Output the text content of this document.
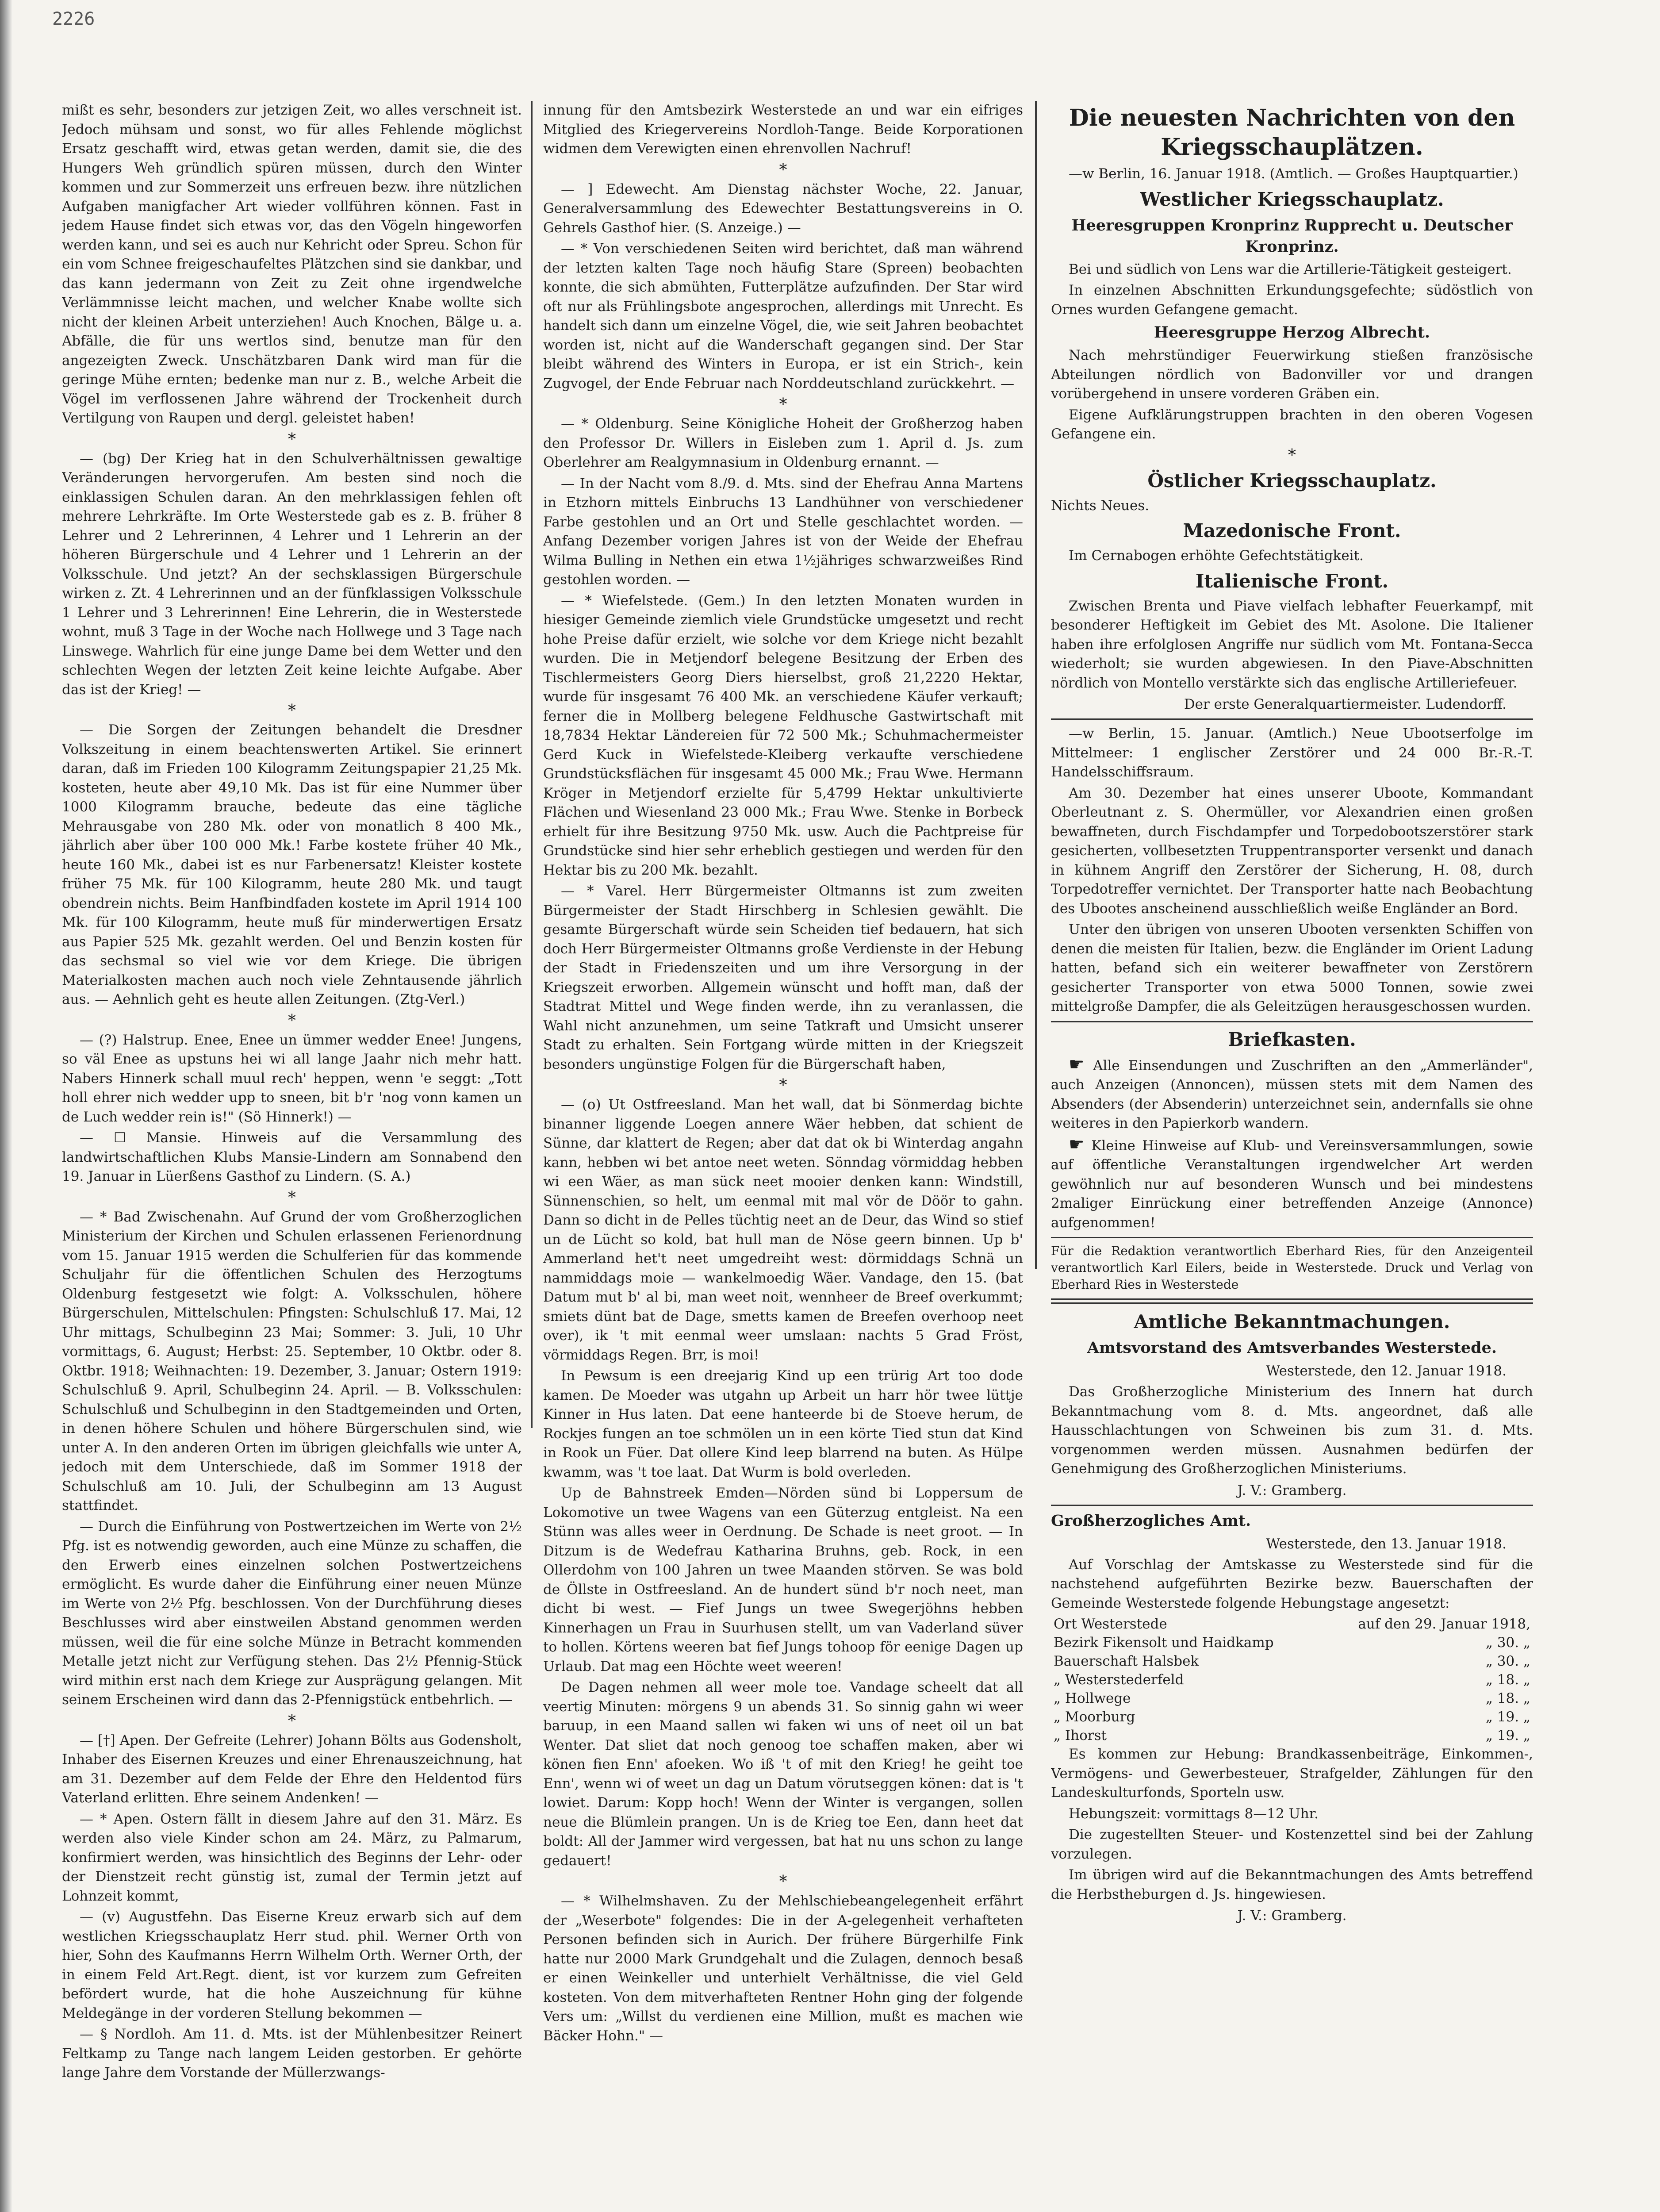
2226

mißt es sehr, besonders zur jetzigen Zeit, wo alles verschneit ist. Jedoch mühsam und sonst, wo für alles Fehlende möglichst Ersatz geschafft wird, etwas getan werden, damit sie, die des Hungers Weh gründlich spüren müssen, durch den Winter kommen und zur Sommerzeit uns erfreuen bezw. ihre nützlichen Aufgaben manigfacher Art wieder vollführen können. Fast in jedem Hause findet sich etwas vor, das den Vögeln hingeworfen werden kann, und sei es auch nur Kehricht oder Spreu. Schon für ein vom Schnee freigeschaufeltes Plätzchen sind sie dankbar, und das kann jedermann von Zeit zu Zeit ohne irgendwelche Verlämmnisse leicht machen, und welcher Knabe wollte sich nicht der kleinen Arbeit unterziehen! Auch Knochen, Bälge u. a. Abfälle, die für uns wertlos sind, benutze man für den angezeigten Zweck. Unschätzbaren Dank wird man für die geringe Mühe ernten; bedenke man nur z. B., welche Arbeit die Vögel im verflossenen Jahre während der Trockenheit durch Vertilgung von Raupen und dergl. geleistet haben!

*

— (bg) Der Krieg hat in den Schulverhältnissen gewaltige Veränderungen hervorgerufen. Am besten sind noch die einklassigen Schulen daran. An den mehrklassigen fehlen oft mehrere Lehrkräfte. Im Orte Westerstede gab es z. B. früher 8 Lehrer und 2 Lehrerinnen, 4 Lehrer und 1 Lehrerin an der höheren Bürgerschule und 4 Lehrer und 1 Lehrerin an der Volksschule. Und jetzt? An der sechsklassigen Bürgerschule wirken z. Zt. 4 Lehrerinnen und an der fünfklassigen Volksschule 1 Lehrer und 3 Lehrerinnen! Eine Lehrerin, die in Westerstede wohnt, muß 3 Tage in der Woche nach Hollwege und 3 Tage nach Linswege. Wahrlich für eine junge Dame bei dem Wetter und den schlechten Wegen der letzten Zeit keine leichte Aufgabe. Aber das ist der Krieg! —

*

— Die Sorgen der Zeitungen behandelt die Dresdner Volkszeitung in einem beachtenswerten Artikel. Sie erinnert daran, daß im Frieden 100 Kilogramm Zeitungspapier 21,25 Mk. kosteten, heute aber 49,10 Mk. Das ist für eine Nummer über 1000 Kilogramm brauche, bedeute das eine tägliche Mehrausgabe von 280 Mk. oder von monatlich 8 400 Mk., jährlich aber über 100 000 Mk.! Farbe kostete früher 40 Mk., heute 160 Mk., dabei ist es nur Farbenersatz! Kleister kostete früher 75 Mk. für 100 Kilogramm, heute 280 Mk. und taugt obendrein nichts. Beim Hanfbindfaden kostete im April 1914 100 Mk. für 100 Kilogramm, heute muß für minderwertigen Ersatz aus Papier 525 Mk. gezahlt werden. Oel und Benzin kosten für das sechsmal so viel wie vor dem Kriege. Die übrigen Materialkosten machen auch noch viele Zehntausende jährlich aus. — Aehnlich geht es heute allen Zeitungen. (Ztg-Verl.)

*

— (?) Halstrup. Enee, Enee un ümmer wedder Enee! Jungens, so väl Enee as upstuns hei wi all lange Jaahr nich mehr hatt. Nabers Hinnerk schall muul rech' heppen, wenn 'e seggt: „Tott holl ehrer nich wedder upp to sneen, bit b'r 'nog vonn kamen un de Luch wedder rein is!" (Sö Hinnerk!) —

— ☐ Mansie. Hinweis auf die Versammlung des landwirtschaftlichen Klubs Mansie-Lindern am Sonnabend den 19. Januar in Lüerßens Gasthof zu Lindern. (S. A.)

*

— * Bad Zwischenahn. Auf Grund der vom Großherzoglichen Ministerium der Kirchen und Schulen erlassenen Ferienordnung vom 15. Januar 1915 werden die Schulferien für das kommende Schuljahr für die öffentlichen Schulen des Herzogtums Oldenburg festgesetzt wie folgt: A. Volksschulen, höhere Bürgerschulen, Mittelschulen: Pfingsten: Schulschluß 17. Mai, 12 Uhr mittags, Schulbeginn 23 Mai; Sommer: 3. Juli, 10 Uhr vormittags, 6. August; Herbst: 25. September, 10 Oktbr. oder 8. Oktbr. 1918; Weihnachten: 19. Dezember, 3. Januar; Ostern 1919: Schulschluß 9. April, Schulbeginn 24. April. — B. Volksschulen: Schulschluß und Schulbeginn in den Stadtgemeinden und Orten, in denen höhere Schulen und höhere Bürgerschulen sind, wie unter A. In den anderen Orten im übrigen gleichfalls wie unter A, jedoch mit dem Unterschiede, daß im Sommer 1918 der Schulschluß am 10. Juli, der Schulbeginn am 13 August stattfindet.

— Durch die Einführung von Postwertzeichen im Werte von 2½ Pfg. ist es notwendig geworden, auch eine Münze zu schaffen, die den Erwerb eines einzelnen solchen Postwertzeichens ermöglicht. Es wurde daher die Einführung einer neuen Münze im Werte von 2½ Pfg. beschlossen. Von der Durchführung dieses Beschlusses wird aber einstweilen Abstand genommen werden müssen, weil die für eine solche Münze in Betracht kommenden Metalle jetzt nicht zur Verfügung stehen. Das 2½ Pfennig-Stück wird mithin erst nach dem Kriege zur Ausprägung gelangen. Mit seinem Erscheinen wird dann das 2-Pfennigstück entbehrlich. —

*

— [†] Apen. Der Gefreite (Lehrer) Johann Bölts aus Godensholt, Inhaber des Eisernen Kreuzes und einer Ehrenauszeichnung, hat am 31. Dezember auf dem Felde der Ehre den Heldentod fürs Vaterland erlitten. Ehre seinem Andenken! —

— * Apen. Ostern fällt in diesem Jahre auf den 31. März. Es werden also viele Kinder schon am 24. März, zu Palmarum, konfirmiert werden, was hinsichtlich des Beginns der Lehr- oder der Dienstzeit recht günstig ist, zumal der Termin jetzt auf Lohnzeit kommt,

— (v) Augustfehn. Das Eiserne Kreuz erwarb sich auf dem westlichen Kriegsschauplatz Herr stud. phil. Werner Orth von hier, Sohn des Kaufmanns Herrn Wilhelm Orth. Werner Orth, der in einem Feld Art.Regt. dient, ist vor kurzem zum Gefreiten befördert wurde, hat die hohe Auszeichnung für kühne Meldegänge in der vorderen Stellung bekommen —

— § Nordloh. Am 11. d. Mts. ist der Mühlenbesitzer Reinert Feltkamp zu Tange nach langem Leiden gestorben. Er gehörte lange Jahre dem Vorstande der Müllerzwangs-

innung für den Amtsbezirk Westerstede an und war ein eifriges Mitglied des Kriegervereins Nordloh-Tange. Beide Korporationen widmen dem Verewigten einen ehrenvollen Nachruf!

*

— ] Edewecht. Am Dienstag nächster Woche, 22. Januar, Generalversammlung des Edewechter Bestattungsvereins in O. Gehrels Gasthof hier. (S. Anzeige.) —

— * Von verschiedenen Seiten wird berichtet, daß man während der letzten kalten Tage noch häufig Stare (Spreen) beobachten konnte, die sich abmühten, Futterplätze aufzufinden. Der Star wird oft nur als Frühlingsbote angesprochen, allerdings mit Unrecht. Es handelt sich dann um einzelne Vögel, die, wie seit Jahren beobachtet worden ist, nicht auf die Wanderschaft gegangen sind. Der Star bleibt während des Winters in Europa, er ist ein Strich-, kein Zugvogel, der Ende Februar nach Norddeutschland zurückkehrt. —

*

— * Oldenburg. Seine Königliche Hoheit der Großherzog haben den Professor Dr. Willers in Eisleben zum 1. April d. Js. zum Oberlehrer am Realgymnasium in Oldenburg ernannt. —

— In der Nacht vom 8./9. d. Mts. sind der Ehefrau Anna Martens in Etzhorn mittels Einbruchs 13 Landhühner von verschiedener Farbe gestohlen und an Ort und Stelle geschlachtet worden. — Anfang Dezember vorigen Jahres ist von der Weide der Ehefrau Wilma Bulling in Nethen ein etwa 1½jähriges schwarzweißes Rind gestohlen worden. —

— * Wiefelstede. (Gem.) In den letzten Monaten wurden in hiesiger Gemeinde ziemlich viele Grundstücke umgesetzt und recht hohe Preise dafür erzielt, wie solche vor dem Kriege nicht bezahlt wurden. Die in Metjendorf belegene Besitzung der Erben des Tischlermeisters Georg Diers hierselbst, groß 21,2220 Hektar, wurde für insgesamt 76 400 Mk. an verschiedene Käufer verkauft; ferner die in Mollberg belegene Feldhusche Gastwirtschaft mit 18,7834 Hektar Ländereien für 72 500 Mk.; Schuhmachermeister Gerd Kuck in Wiefelstede-Kleiberg verkaufte verschiedene Grundstücksflächen für insgesamt 45 000 Mk.; Frau Wwe. Hermann Kröger in Metjendorf erzielte für 5,4799 Hektar unkultivierte Flächen und Wiesenland 23 000 Mk.; Frau Wwe. Stenke in Borbeck erhielt für ihre Besitzung 9750 Mk. usw. Auch die Pachtpreise für Grundstücke sind hier sehr erheblich gestiegen und werden für den Hektar bis zu 200 Mk. bezahlt.

— * Varel. Herr Bürgermeister Oltmanns ist zum zweiten Bürgermeister der Stadt Hirschberg in Schlesien gewählt. Die gesamte Bürgerschaft würde sein Scheiden tief bedauern, hat sich doch Herr Bürgermeister Oltmanns große Verdienste in der Hebung der Stadt in Friedenszeiten und um ihre Versorgung in der Kriegszeit erworben. Allgemein wünscht und hofft man, daß der Stadtrat Mittel und Wege finden werde, ihn zu veranlassen, die Wahl nicht anzunehmen, um seine Tatkraft und Umsicht unserer Stadt zu erhalten. Sein Fortgang würde mitten in der Kriegszeit besonders ungünstige Folgen für die Bürgerschaft haben,

*

— (o) Ut Ostfreesland. Man het wall, dat bi Sönmerdag bichte binanner liggende Loegen annere Wäer hebben, dat schient de Sünne, dar klattert de Regen; aber dat dat ok bi Winterdag angahn kann, hebben wi bet antoe neet weten. Sönndag vörmiddag hebben wi een Wäer, as man sück neet mooier denken kann: Windstill, Sünnenschien, so helt, um eenmal mit mal vör de Döör to gahn. Dann so dicht in de Pelles tüchtig neet an de Deur, das Wind so stief un de Lücht so kold, bat hull man de Nöse geern binnen. Up b' Ammerland het't neet umgedreiht west: dörmiddags Schnä un nammiddags moie — wankelmoedig Wäer. Vandage, den 15. (bat Datum mut b' al bi, man weet noit, wennheer de Breef overkummt; smiets dünt bat de Dage, smetts kamen de Breefen overhoop neet over), ik 't mit eenmal weer umslaan: nachts 5 Grad Fröst, vörmiddags Regen. Brr, is moi!

In Pewsum is een dreejarig Kind up een trürig Art too dode kamen. De Moeder was utgahn up Arbeit un harr hör twee lüttje Kinner in Hus laten. Dat eene hanteerde bi de Stoeve herum, de Rockjes fungen an toe schmölen un in een körte Tied stun dat Kind in Rook un Füer. Dat ollere Kind leep blarrend na buten. As Hülpe kwamm, was 't toe laat. Dat Wurm is bold overleden.

Up de Bahnstreek Emden—Nörden sünd bi Loppersum de Lokomotive un twee Wagens van een Güterzug entgleist. Na een Stünn was alles weer in Oerdnung. De Schade is neet groot. — In Ditzum is de Wedefrau Katharina Bruhns, geb. Rock, in een Ollerdohm von 100 Jahren un twee Maanden störven. Se was bold de Öllste in Ostfreesland. An de hundert sünd b'r noch neet, man dicht bi west. — Fief Jungs un twee Swegerjöhns hebben Kinnerhagen un Frau in Suurhusen stellt, um van Vaderland süver to hollen. Körtens weeren bat fief Jungs tohoop för eenige Dagen up Urlaub. Dat mag een Höchte weet weeren!

De Dagen nehmen all weer mole toe. Vandage scheelt dat all veertig Minuten: mörgens 9 un abends 31. So sinnig gahn wi weer baruup, in een Maand sallen wi faken wi uns of neet oil un bat Wenter. Dat sliet dat noch genoog toe schaffen maken, aber wi könen fien Enn' afoeken. Wo iß 't of mit den Krieg! he geiht toe Enn', wenn wi of weet un dag un Datum vörutseggen könen: dat is 't lowiet. Darum: Kopp hoch! Wenn der Winter is vergangen, sollen neue die Blümlein prangen. Un is de Krieg toe Een, dann heet dat boldt: All der Jammer wird vergessen, bat hat nu uns schon zu lange gedauert!

*

— * Wilhelmshaven. Zu der Mehlschiebeangelegenheit erfährt der „Weserbote" folgendes: Die in der A-gelegenheit verhafteten Personen befinden sich in Aurich. Der frühere Bürgerhilfe Fink hatte nur 2000 Mark Grundgehalt und die Zulagen, dennoch besaß er einen Weinkeller und unterhielt Verhältnisse, die viel Geld kosteten. Von dem mitverhafteten Rentner Hohn ging der folgende Vers um: „Willst du verdienen eine Million, mußt es machen wie Bäcker Hohn." —

Die neuesten Nachrichten von den Kriegsschauplätzen.

—w Berlin, 16. Januar 1918. (Amtlich. — Großes Hauptquartier.)

Westlicher Kriegsschauplatz.
Heeresgruppen Kronprinz Rupprecht u. Deutscher Kronprinz.

Bei und südlich von Lens war die Artillerie-Tätigkeit gesteigert.

In einzelnen Abschnitten Erkundungsgefechte; südöstlich von Ornes wurden Gefangene gemacht.

Heeresgruppe Herzog Albrecht.

Nach mehrstündiger Feuerwirkung stießen französische Abteilungen nördlich von Badonviller vor und drangen vorübergehend in unsere vorderen Gräben ein.

Eigene Aufklärungstruppen brachten in den oberen Vogesen Gefangene ein.

*

Östlicher Kriegsschauplatz.

Nichts Neues.

Mazedonische Front.

Im Cernabogen erhöhte Gefechtstätigkeit.

Italienische Front.

Zwischen Brenta und Piave vielfach lebhafter Feuerkampf, mit besonderer Heftigkeit im Gebiet des Mt. Asolone. Die Italiener haben ihre erfolglosen Angriffe nur südlich vom Mt. Fontana-Secca wiederholt; sie wurden abgewiesen. In den Piave-Abschnitten nördlich von Montello verstärkte sich das englische Artilleriefeuer.

Der erste Generalquartiermeister. Ludendorff.

—w Berlin, 15. Januar. (Amtlich.) Neue Ubootserfolge im Mittelmeer: 1 englischer Zerstörer und 24 000 Br.-R.-T. Handelsschiffsraum.

Am 30. Dezember hat eines unserer Uboote, Kommandant Oberleutnant z. S. Ohermüller, vor Alexandrien einen großen bewaffneten, durch Fischdampfer und Torpedobootszerstörer stark gesicherten, vollbesetzten Truppentransporter versenkt und danach in kühnem Angriff den Zerstörer der Sicherung, H. 08, durch Torpedotreffer vernichtet. Der Transporter hatte nach Beobachtung des Ubootes anscheinend ausschließlich weiße Engländer an Bord.

Unter den übrigen von unseren Ubooten versenkten Schiffen von denen die meisten für Italien, bezw. die Engländer im Orient Ladung hatten, befand sich ein weiterer bewaffneter von Zerstörern gesicherter Transporter von etwa 5000 Tonnen, sowie zwei mittelgroße Dampfer, die als Geleitzügen herausgeschossen wurden.

Briefkasten.

☛ Alle Einsendungen und Zuschriften an den „Ammerländer", auch Anzeigen (Annoncen), müssen stets mit dem Namen des Absenders (der Absenderin) unterzeichnet sein, andernfalls sie ohne weiteres in den Papierkorb wandern.

☛ Kleine Hinweise auf Klub- und Vereinsversammlungen, sowie auf öffentliche Veranstaltungen irgendwelcher Art werden gewöhnlich nur auf besonderen Wunsch und bei mindestens 2maliger Einrückung einer betreffenden Anzeige (Annonce) aufgenommen!

Für die Redaktion verantwortlich Eberhard Ries, für den Anzeigenteil verantwortlich Karl Eilers, beide in Westerstede. Druck und Verlag von Eberhard Ries in Westerstede

Amtliche Bekanntmachungen.
Amtsvorstand des Amtsverbandes Westerstede.
Westerstede, den 12. Januar 1918.

Das Großherzogliche Ministerium des Innern hat durch Bekanntmachung vom 8. d. Mts. angeordnet, daß alle Hausschlachtungen von Schweinen bis zum 31. d. Mts. vorgenommen werden müssen. Ausnahmen bedürfen der Genehmigung des Großherzoglichen Ministeriums.

J. V.: Gramberg.
Großherzogliches Amt.
Westerstede, den 13. Januar 1918.

Auf Vorschlag der Amtskasse zu Westerstede sind für die nachstehend aufgeführten Bezirke bezw. Bauerschaften der Gemeinde Westerstede folgende Hebungstage angesetzt:

Ort Westerstede	auf den 29. Januar 1918,
Bezirk Fikensolt und Haidkamp	„ 30. „
Bauerschaft Halsbek	„ 30. „
„ Westerstederfeld	„ 18. „
„ Hollwege	„ 18. „
„ Moorburg	„ 19. „
„ Ihorst	„ 19. „

Es kommen zur Hebung: Brandkassenbeiträge, Einkommen-, Vermögens- und Gewerbesteuer, Strafgelder, Zählungen für den Landeskulturfonds, Sporteln usw.

Hebungszeit: vormittags 8—12 Uhr.

Die zugestellten Steuer- und Kostenzettel sind bei der Zahlung vorzulegen.

Im übrigen wird auf die Bekanntmachungen des Amts betreffend die Herbstheburgen d. Js. hingewiesen.

J. V.: Gramberg.
